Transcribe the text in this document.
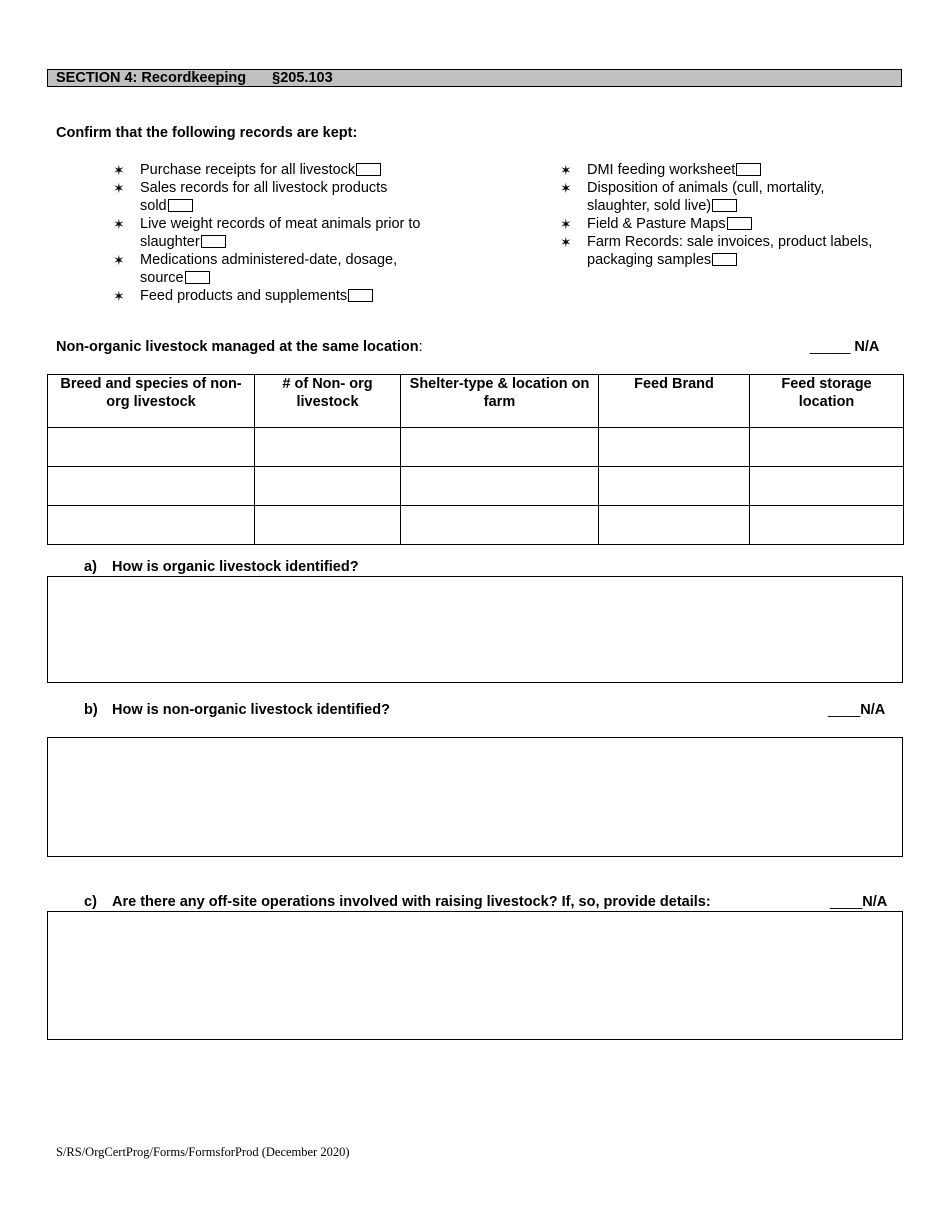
SECTION 4: Recordkeeping §205.103
Confirm that the following records are kept:
✶ Purchase receipts for all livestock
✶ Sales records for all livestock products
sold
✶ Live weight records of meat animals prior to
slaughter
✶ Medications administered-date, dosage,
source
✶ Feed products and supplements
✶ DMI feeding worksheet
✶ Disposition of animals (cull, mortality,
slaughter, sold live)
✶ Field & Pasture Maps
✶ Farm Records: sale invoices, product labels,
packaging samples
Non-organic livestock managed at the same location:	_____ N/A
Breed and species of non-org livestock	# of Non- org livestock	Shelter-type & location on farm	Feed Brand	Feed storage location

a) How is organic livestock identified?
b) How is non-organic livestock identified?	____N/A
c) Are there any off-site operations involved with raising livestock? If, so, provide details:	____N/A
S/RS/OrgCertProg/Forms/FormsforProd (December 2020)
